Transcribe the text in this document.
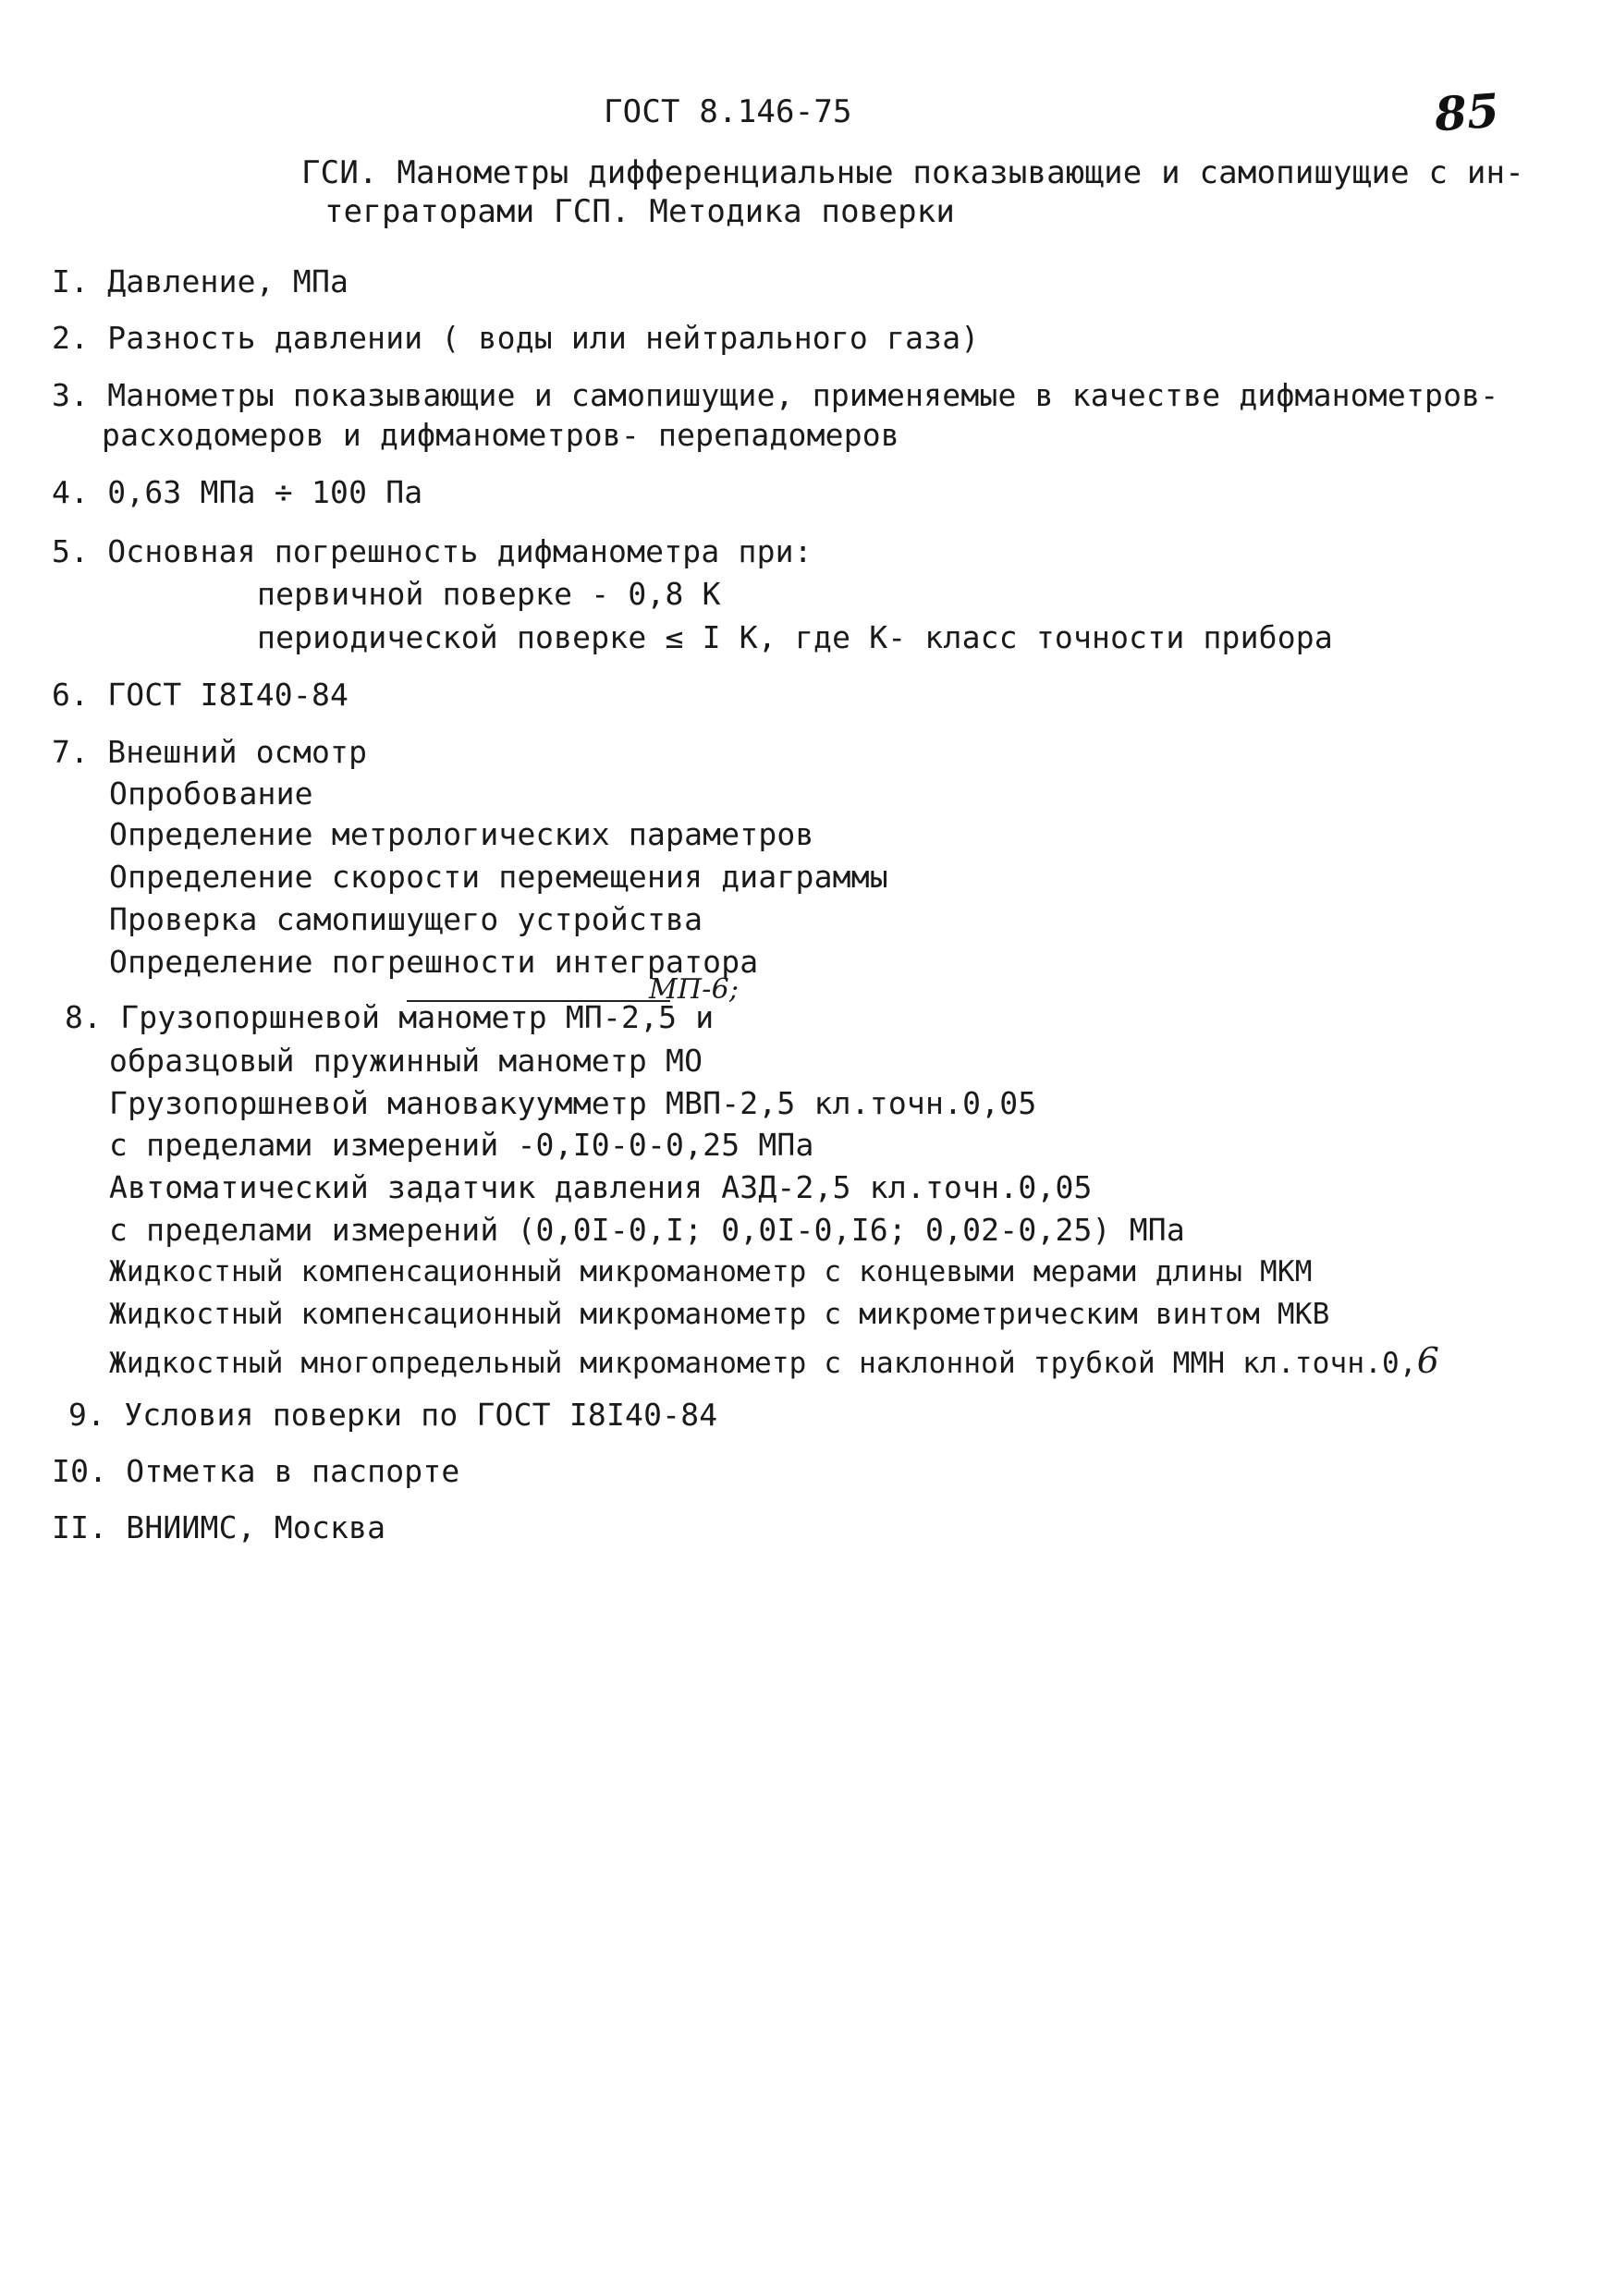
ГОСТ 8.146-75	85
ГСИ. Манометры дифференциальные показывающие и самопишущие с ин-
теграторами ГСП. Методика поверки
I. Давление, МПа
2. Разность давлении ( воды или нейтрального газа)
3. Манометры показывающие и самопишущие, применяемые в качестве дифманометров-
расходомеров и дифманометров- перепадомеров
4. 0,63 МПа ÷ 100 Па
5. Основная погрешность дифманометра при:
первичной поверке - 0,8 К
периодической поверке ≤ I К, где К- класс точности прибора
6. ГОСТ I8I40-84
7. Внешний осмотр
Опробование
Определение метрологических параметров
Определение скорости перемещения диаграммы
Проверка самопишущего устройства
Определение погрешности интегратора
МП-6;
8. Грузопоршневой манометр МП-2,5 и
образцовый пружинный манометр МО
Грузопоршневой мановакуумметр МВП-2,5 кл.точн.0,05
с пределами измерений -0,I0-0-0,25 МПа
Автоматический задатчик давления АЗД-2,5 кл.точн.0,05
с пределами измерений (0,0I-0,I; 0,0I-0,I6; 0,02-0,25) МПа
Жидкостный компенсационный микроманометр с концевыми мерами длины МКМ
Жидкостный компенсационный микроманометр с микрометрическим винтом МКВ
Жидкостный многопредельный микроманометр с наклонной трубкой ММН кл.точн.0,6
9. Условия поверки по ГОСТ I8I40-84
I0. Отметка в паспорте
II. ВНИИМС, Москва
